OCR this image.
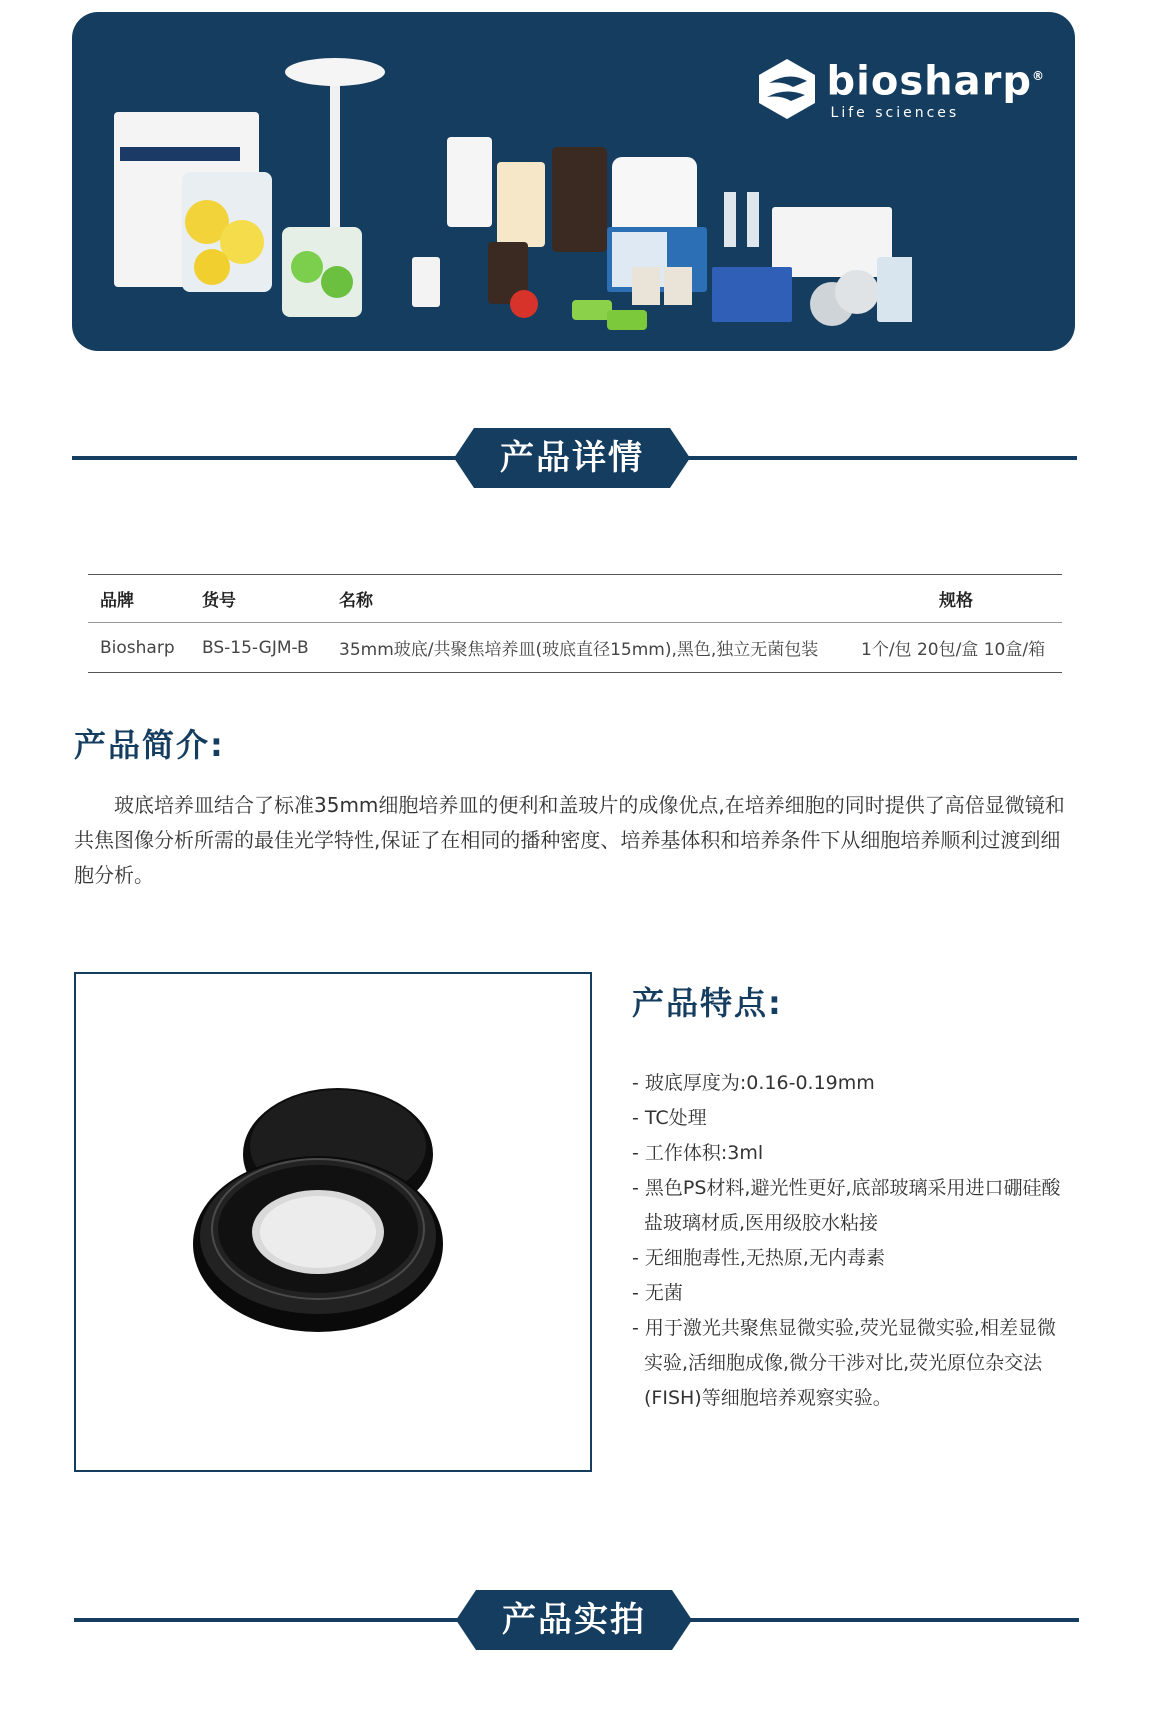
biosharp®
Life sciences
产品详情
品牌	货号	名称	规格
Biosharp	BS-15-GJM-B	35mm玻底/共聚焦培养皿(玻底直径15mm),黑色,独立无菌包装	1个/包 20包/盒 10盒/箱
产品简介:

玻底培养皿结合了标准35mm细胞培养皿的便利和盖玻片的成像优点,在培养细胞的同时提供了高倍显微镜和共焦图像分析所需的最佳光学特性,保证了在相同的播种密度、培养基体积和培养条件下从细胞培养顺利过渡到细胞分析。

产品特点:
- 玻底厚度为:0.16-0.19mm
- TC处理
- 工作体积:3ml
- 黑色PS材料,避光性更好,底部玻璃采用进口硼硅酸盐玻璃材质,医用级胶水粘接
- 无细胞毒性,无热原,无内毒素
- 无菌
- 用于激光共聚焦显微实验,荧光显微实验,相差显微实验,活细胞成像,微分干涉对比,荧光原位杂交法(FISH)等细胞培养观察实验。
产品实拍
